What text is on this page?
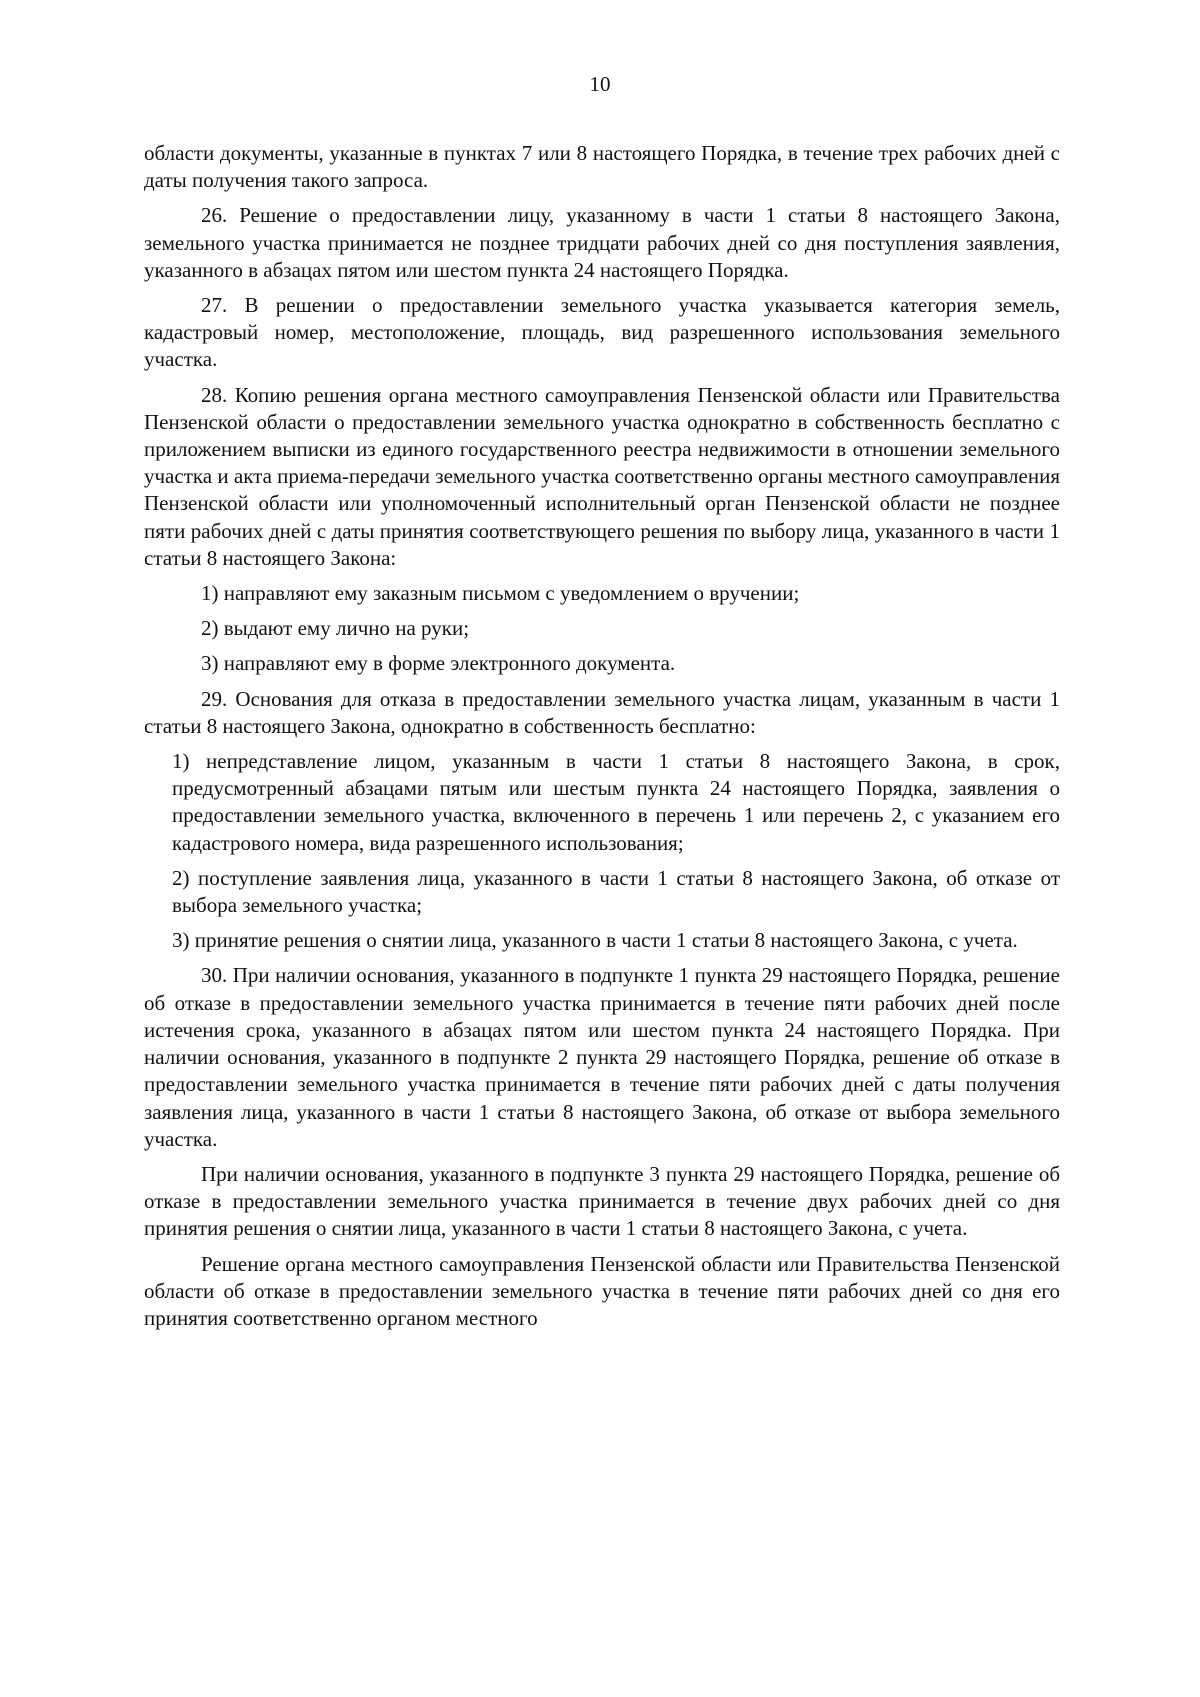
10

области документы, указанные в пунктах 7 или 8 настоящего Порядка, в течение трех рабочих дней с даты получения такого запроса.

26. Решение о предоставлении лицу, указанному в части 1 статьи 8 настоящего Закона, земельного участка принимается не позднее тридцати рабочих дней со дня поступления заявления, указанного в абзацах пятом или шестом пункта 24 настоящего Порядка.

27. В решении о предоставлении земельного участка указывается категория земель, кадастровый номер, местоположение, площадь, вид разрешенного использования земельного участка.

28. Копию решения органа местного самоуправления Пензенской области или Правительства Пензенской области о предоставлении земельного участка однократно в собственность бесплатно с приложением выписки из единого государственного реестра недвижимости в отношении земельного участка и акта приема-передачи земельного участка соответственно органы местного самоуправления Пензенской области или уполномоченный исполнительный орган Пензенской области не позднее пяти рабочих дней с даты принятия соответствующего решения по выбору лица, указанного в части 1 статьи 8 настоящего Закона:

1) направляют ему заказным письмом с уведомлением о вручении;

2) выдают ему лично на руки;

3) направляют ему в форме электронного документа.

29. Основания для отказа в предоставлении земельного участка лицам, указанным в части 1 статьи 8 настоящего Закона, однократно в собственность бесплатно:

1) непредставление лицом, указанным в части 1 статьи 8 настоящего Закона, в срок, предусмотренный абзацами пятым или шестым пункта 24 настоящего Порядка, заявления о предоставлении земельного участка, включенного в перечень 1 или перечень 2, с указанием его кадастрового номера, вида разрешенного использования;

2) поступление заявления лица, указанного в части 1 статьи 8 настоящего Закона, об отказе от выбора земельного участка;

3) принятие решения о снятии лица, указанного в части 1 статьи 8 настоящего Закона, с учета.

30. При наличии основания, указанного в подпункте 1 пункта 29 настоящего Порядка, решение об отказе в предоставлении земельного участка принимается в течение пяти рабочих дней после истечения срока, указанного в абзацах пятом или шестом пункта 24 настоящего Порядка. При наличии основания, указанного в подпункте 2 пункта 29 настоящего Порядка, решение об отказе в предоставлении земельного участка принимается в течение пяти рабочих дней с даты получения заявления лица, указанного в части 1 статьи 8 настоящего Закона, об отказе от выбора земельного участка.

При наличии основания, указанного в подпункте 3 пункта 29 настоящего Порядка, решение об отказе в предоставлении земельного участка принимается в течение двух рабочих дней со дня принятия решения о снятии лица, указанного в части 1 статьи 8 настоящего Закона, с учета.

Решение органа местного самоуправления Пензенской области или Правительства Пензенской области об отказе в предоставлении земельного участка в течение пяти рабочих дней со дня его принятия соответственно органом местного
